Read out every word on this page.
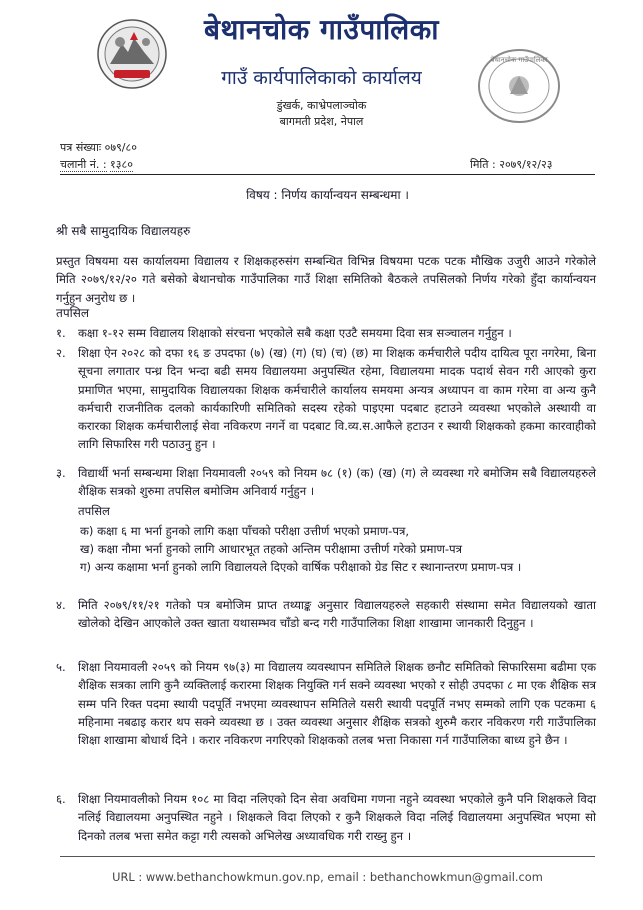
बेथानचोक गाउँपालिका
गाउँ कार्यपालिकाको कार्यालय
डुंखर्क, काभ्रेपलाञ्चोक
बागमती प्रदेश, नेपाल
बेथानचोक गाउँपालिका
पत्र संख्याः ०७९/८०
चलानी नं. : १३८०	मिति : २०७९/१२/२३
विषय : निर्णय कार्यान्वयन सम्बन्धमा ।
श्री सबै सामुदायिक विद्यालयहरु
प्रस्तुत विषयमा यस कार्यालयमा विद्यालय र शिक्षकहरुसंग सम्बन्धित विभिन्न विषयमा पटक पटक मौखिक उजुरी आउने गरेकोले मिति २०७९/१२/२० गते बसेको बेथानचोक गाउँपालिका गाउँ शिक्षा समितिको बैठकले तपसिलको निर्णय गरेको हुँदा कार्यान्वयन गर्नुहुन अनुरोध छ ।
तपसिल
१.	कक्षा १-१२ सम्म विद्यालय शिक्षाको संरचना भएकोले सबै कक्षा एउटै समयमा दिवा सत्र सञ्चालन गर्नुहुन ।
२.	शिक्षा ऐन २०२८ को दफा १६ ङ उपदफा (७) (ख) (ग) (घ) (च) (छ) मा शिक्षक कर्मचारीले पदीय दायित्व पूरा नगरेमा, बिना सूचना लगातार पन्ध्र दिन भन्दा बढी समय विद्यालयमा अनुपस्थित रहेमा, विद्यालयमा मादक पदार्थ सेवन गरी आएको कुरा प्रमाणित भएमा, सामुदायिक विद्यालयका शिक्षक कर्मचारीले कार्यालय समयमा अन्यत्र अध्यापन वा काम गरेमा वा अन्य कुनै कर्मचारी राजनीतिक दलको कार्यकारिणी समितिको सदस्य रहेको पाइएमा पदबाट हटाउने व्यवस्था भएकोले अस्थायी वा करारका शिक्षक कर्मचारीलाई सेवा नविकरण नगर्ने वा पदबाट वि.व्य.स.आफैले हटाउन र स्थायी शिक्षकको हकमा कारवाहीको लागि सिफारिस गरी पठाउनु हुन ।
३.	विद्यार्थी भर्ना सम्बन्धमा शिक्षा नियमावली २०५९ को नियम ७८ (१) (क) (ख) (ग) ले व्यवस्था गरे बमोजिम सबै विद्यालयहरुले शैक्षिक सत्रको शुरुमा तपसिल बमोजिम अनिवार्य गर्नुहुन ।
तपसिल
क) कक्षा ६ मा भर्ना हुनको लागि कक्षा पाँचको परीक्षा उत्तीर्ण भएको प्रमाण-पत्र,
ख) कक्षा नौमा भर्ना हुनको लागि आधारभूत तहको अन्तिम परीक्षामा उत्तीर्ण गरेको प्रमाण-पत्र
ग) अन्य कक्षामा भर्ना हुनको लागि विद्यालयले दिएको वार्षिक परीक्षाको ग्रेड सिट र स्थानान्तरण प्रमाण-पत्र ।
४.	मिति २०७९/११/२१ गतेको पत्र बमोजिम प्राप्त तथ्याङ्क अनुसार विद्यालयहरुले सहकारी संस्थामा समेत विद्यालयको खाता खोलेको देखिन आएकोले उक्त खाता यथासम्भव चाँडो बन्द गरी गाउँपालिका शिक्षा शाखामा जानकारी दिनुहुन ।
५.	शिक्षा नियमावली २०५९ को नियम ९७(३) मा विद्यालय व्यवस्थापन समितिले शिक्षक छनौट समितिको सिफारिसमा बढीमा एक शैक्षिक सत्रका लागि कुनै व्यक्तिलाई करारमा शिक्षक नियुक्ति गर्न सक्ने व्यवस्था भएको र सोही उपदफा ८ मा एक शैक्षिक सत्र सम्म पनि रिक्त पदमा स्थायी पदपूर्ति नभएमा व्यवस्थापन समितिले यसरी स्थायी पदपूर्ति नभए सम्मको लागि एक पटकमा ६ महिनामा नबढाइ करार थप सक्ने व्यवस्था छ । उक्त व्यवस्था अनुसार शैक्षिक सत्रको शुरुमै करार नविकरण गरी गाउँपालिका शिक्षा शाखामा बोधार्थ दिने । करार नविकरण नगरिएको शिक्षकको तलब भत्ता निकासा गर्न गाउँपालिका बाध्य हुने छैन ।
६.	शिक्षा नियमावलीको नियम १०८ मा विदा नलिएको दिन सेवा अवधिमा गणना नहुने व्यवस्था भएकोले कुनै पनि शिक्षकले विदा नलिई विद्यालयमा अनुपस्थित नहुने । शिक्षकले विदा लिएको र कुनै शिक्षकले विदा नलिई विद्यालयमा अनुपस्थित भएमा सो दिनको तलब भत्ता समेत कट्टा गरी त्यसको अभिलेख अध्यावधिक गरी राख्नु हुन ।
URL : www.bethanchowkmun.gov.np, email : bethanchowkmun@gmail.com
